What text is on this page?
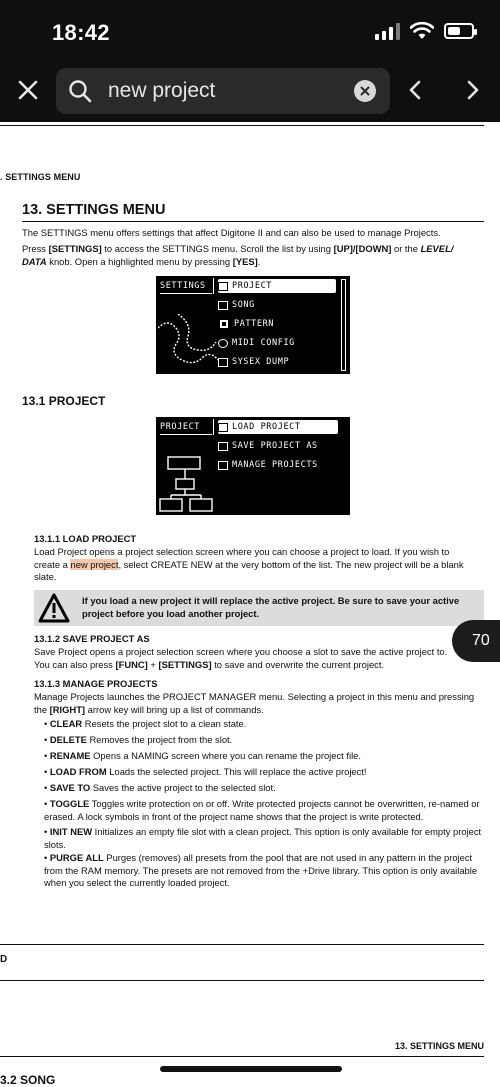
18:42
new project
. SETTINGS MENU
13. SETTINGS MENU
The SETTINGS menu offers settings that affect Digitone II and can also be used to manage Projects.
Press [SETTINGS] to access the SETTINGS menu. Scroll the list by using [UP]/[DOWN] or the LEVEL/
DATA knob. Open a highlighted menu by pressing [YES].
SETTINGS	PROJECT
SONG
PATTERN
MIDI CONFIG
SYSEX DUMP
13.1 PROJECT
PROJECT	LOAD PROJECT
SAVE PROJECT AS
MANAGE PROJECTS
13.1.1 LOAD PROJECT
Load Project opens a project selection screen where you can choose a project to load. If you wish to
create a new project, select CREATE NEW at the very bottom of the list. The new project will be a blank
slate.
If you load a new project it will replace the active project. Be sure to save your active project before you load another project.
70
13.1.2 SAVE PROJECT AS
Save Project opens a project selection screen where you choose a slot to save the active project to.
You can also press [FUNC] + [SETTINGS] to save and overwrite the current project.
13.1.3 MANAGE PROJECTS
Manage Projects launches the PROJECT MANAGER menu. Selecting a project in this menu and pressing
the [RIGHT] arrow key will bring up a list of commands.
• CLEAR Resets the project slot to a clean state.
• DELETE Removes the project from the slot.
• RENAME Opens a NAMING screen where you can rename the project file.
• LOAD FROM Loads the selected project. This will replace the active project!
• SAVE TO Saves the active project to the selected slot.
• TOGGLE Toggles write protection on or off. Write protected projects cannot be overwritten, re-named or erased. A lock symbols in front of the project name shows that the project is write protected.
• INIT NEW Initializes an empty file slot with a clean project. This option is only available for empty project slots.
• PURGE ALL Purges (removes) all presets from the pool that are not used in any pattern in the project from the RAM memory. The presets are not removed from the +Drive library. This option is only available when you select the currently loaded project.
D
13. SETTINGS MENU
3.2 SONG
